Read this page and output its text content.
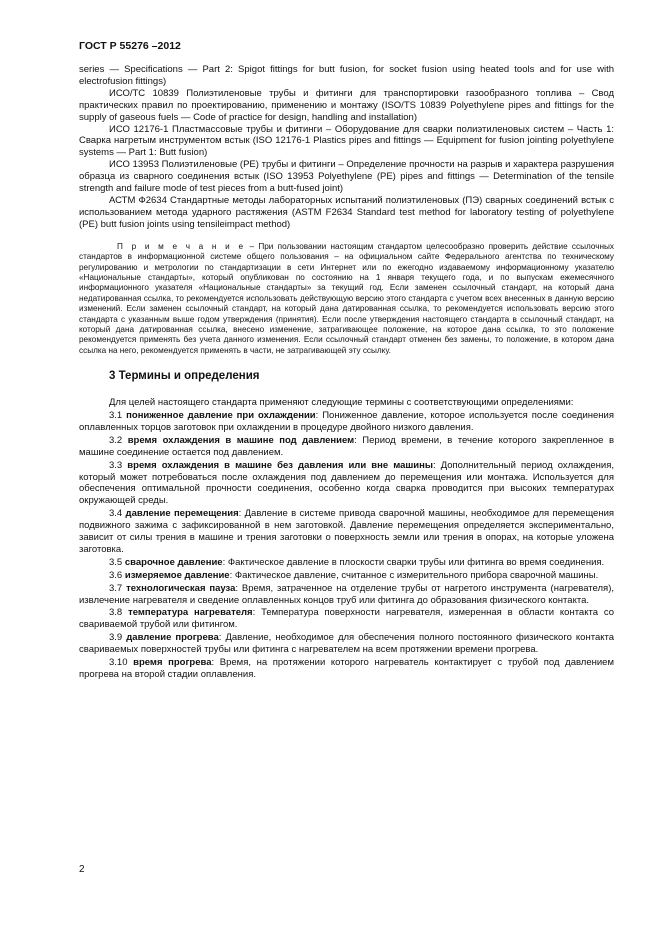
ГОСТ Р 55276 –2012

series — Specifications — Part 2: Spigot fittings for butt fusion, for socket fusion using heated tools and for use with electrofusion fittings)

ИСО/ТС 10839 Полиэтиленовые трубы и фитинги для транспортировки газообразного топлива – Свод практических правил по проектированию, применению и монтажу (ISO/TS 10839 Polyethylene pipes and fittings for the supply of gaseous fuels — Code of practice for design, handling and installation)

ИСО 12176-1 Пластмассовые трубы и фитинги – Оборудование для сварки полиэтиленовых систем – Часть 1: Сварка нагретым инструментом встык (ISO 12176-1 Plastics pipes and fittings — Equipment for fusion jointing polyethylene systems — Part 1: Butt fusion)

ИСО 13953 Полиэтиленовые (PE) трубы и фитинги – Определение прочности на разрыв и характера разрушения образца из сварного соединения встык (ISO 13953 Polyethylene (PE) pipes and fittings — Determination of the tensile strength and failure mode of test pieces from a butt-fused joint)

АСТМ Ф2634 Стандартные методы лабораторных испытаний полиэтиленовых (ПЭ) сварных соединений встык с использованием метода ударного растяжения (ASTM F2634 Standard test method for laboratory testing of polyethylene (PE) butt fusion joints using tensileimpact method)

П р и м е ч а н и е – При пользовании настоящим стандартом целесообразно проверить действие ссылочных стандартов в информационной системе общего пользования – на официальном сайте Федерального агентства по техническому регулированию и метрологии по стандартизации в сети Интернет или по ежегодно издаваемому информационному указателю «Национальные стандарты», который опубликован по состоянию на 1 января текущего года, и по выпускам ежемесячного информационного указателя «Национальные стандарты» за текущий год. Если заменен ссылочный стандарт, на который дана недатированная ссылка, то рекомендуется использовать действующую версию этого стандарта с учетом всех внесенных в данную версию изменений. Если заменен ссылочный стандарт, на который дана датированная ссылка, то рекомендуется использовать версию этого стандарта с указанным выше годом утверждения (принятия). Если после утверждения настоящего стандарта в ссылочный стандарт, на который дана датированная ссылка, внесено изменение, затрагивающее положение, на которое дана ссылка, то это положение рекомендуется применять без учета данного изменения. Если ссылочный стандарт отменен без замены, то положение, в котором дана ссылка на него, рекомендуется применять в части, не затрагивающей эту ссылку.

3 Термины и определения

Для целей настоящего стандарта применяют следующие термины с соответствующими определениями:

3.1 пониженное давление при охлаждении: Пониженное давление, которое используется после соединения оплавленных торцов заготовок при охлаждении в процедуре двойного низкого давления.

3.2 время охлаждения в машине под давлением: Период времени, в течение которого закрепленное в машине соединение остается под давлением.

3.3 время охлаждения в машине без давления или вне машины: Дополнительный период охлаждения, который может потребоваться после охлаждения под давлением до перемещения или монтажа. Используется для обеспечения оптимальной прочности соединения, особенно когда сварка проводится при высоких температурах окружающей среды.

3.4 давление перемещения: Давление в системе привода сварочной машины, необходимое для перемещения подвижного зажима с зафиксированной в нем заготовкой. Давление перемещения определяется экспериментально, зависит от силы трения в машине и трения заготовки о поверхность земли или трения в опорах, на которые уложена заготовка.

3.5 сварочное давление: Фактическое давление в плоскости сварки трубы или фитинга во время соединения.

3.6 измеряемое давление: Фактическое давление, считанное с измерительного прибора сварочной машины.

3.7 технологическая пауза: Время, затраченное на отделение трубы от нагретого инструмента (нагревателя), извлечение нагревателя и сведение оплавленных концов труб или фитинга до образования физического контакта.

3.8 температура нагревателя: Температура поверхности нагревателя, измеренная в области контакта со свариваемой трубой или фитингом.

3.9 давление прогрева: Давление, необходимое для обеспечения полного постоянного физического контакта свариваемых поверхностей трубы или фитинга с нагревателем на всем протяжении времени прогрева.

3.10 время прогрева: Время, на протяжении которого нагреватель контактирует с трубой под давлением прогрева на второй стадии оплавления.

2
